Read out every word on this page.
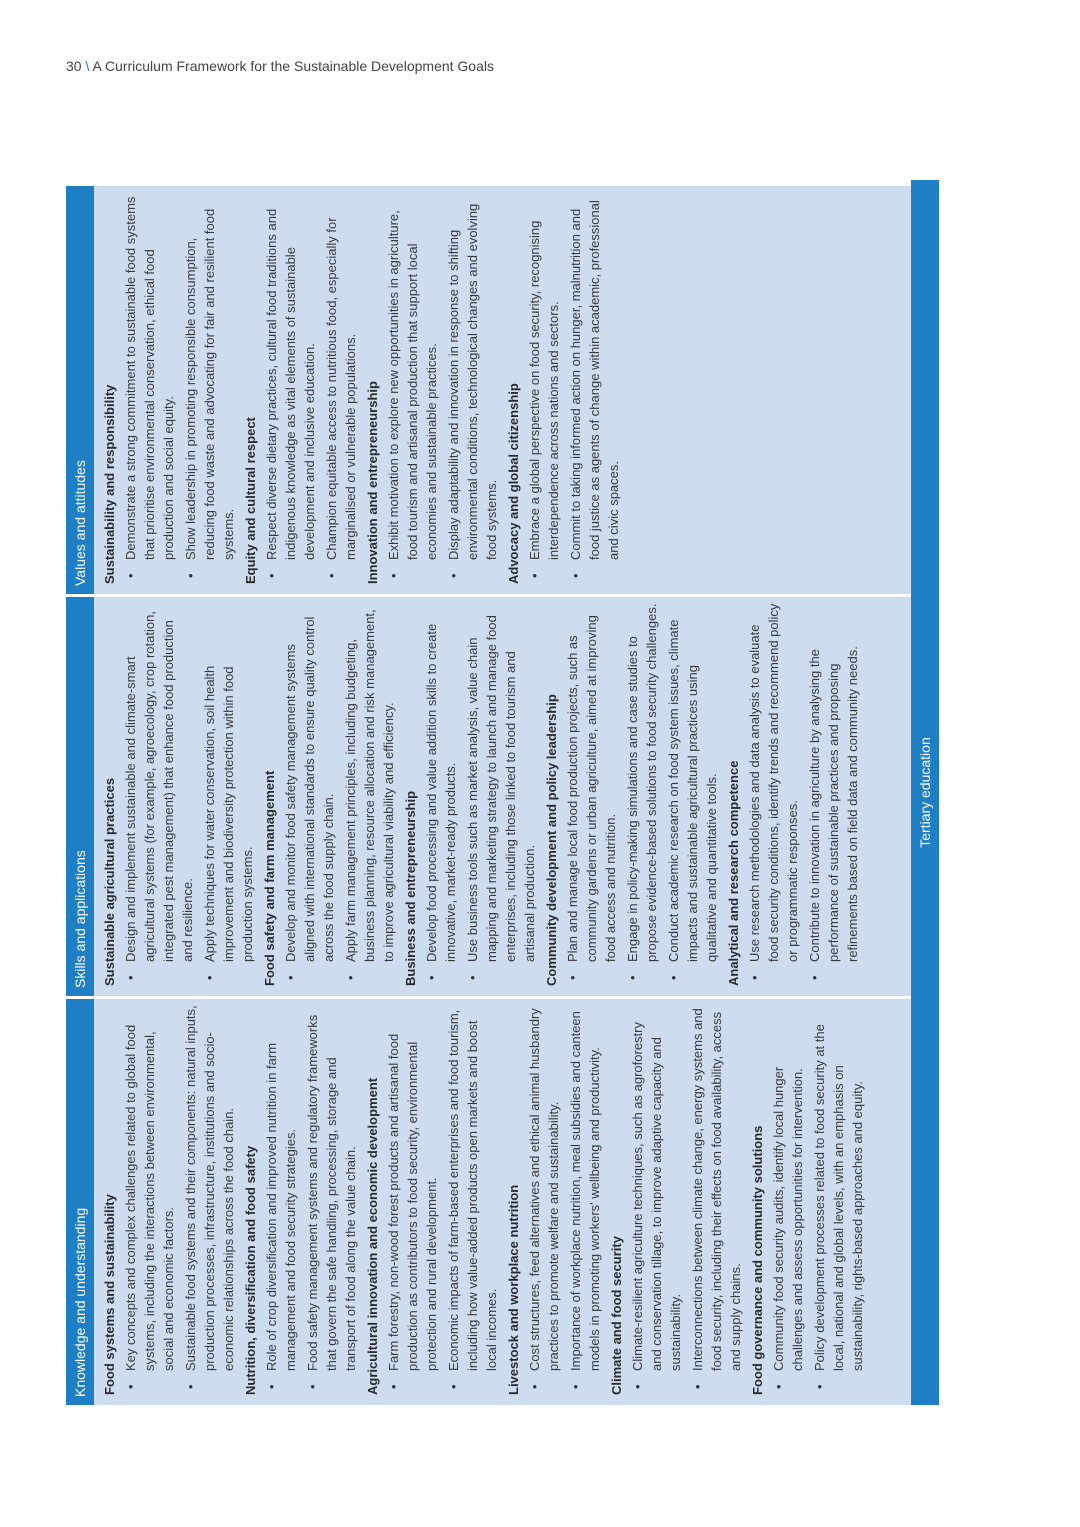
30 \ A Curriculum Framework for the Sustainable Development Goals
Knowledge and understanding	Food systems and sustainability • Key concepts and complex challenges related to global food systems, including the interactions between environmental, social and economic factors. • Sustainable food systems and their components: natural inputs, production processes, infrastructure, institutions and socio-economic relationships across the food chain. Nutrition, diversification and food safety • Role of crop diversification and improved nutrition in farm management and food security strategies. • Food safety management systems and regulatory frameworks that govern the safe handling, processing, storage and transport of food along the value chain. Agricultural innovation and economic development • Farm forestry, non-wood forest products and artisanal food production as contributors to food security, environmental protection and rural development. • Economic impacts of farm-based enterprises and food tourism, including how value-added products open markets and boost local incomes. Livestock and workplace nutrition • Cost structures, feed alternatives and ethical animal husbandry practices to promote welfare and sustainability. • Importance of workplace nutrition, meal subsidies and canteen models in promoting workers' wellbeing and productivity. Climate and food security • Climate-resilient agriculture techniques, such as agroforestry and conservation tillage, to improve adaptive capacity and sustainability. • Interconnections between climate change, energy systems and food security, including their effects on food availability, access and supply chains. Food governance and community solutions • Community food security audits, identify local hunger challenges and assess opportunities for intervention. • Policy development processes related to food security at the local, national and global levels, with an emphasis on sustainability, rights-based approaches and equity.
Skills and applications	Sustainable agricultural practices • Design and implement sustainable and climate-smart agricultural systems (for example, agroecology, crop rotation, integrated pest management) that enhance food production and resilience. • Apply techniques for water conservation, soil health improvement and biodiversity protection within food production systems. Food safety and farm management • Develop and monitor food safety management systems aligned with international standards to ensure quality control across the food supply chain. • Apply farm management principles, including budgeting, business planning, resource allocation and risk management, to improve agricultural viability and efficiency. Business and entrepreneurship • Develop food processing and value addition skills to create innovative, market-ready products. • Use business tools such as market analysis, value chain mapping and marketing strategy to launch and manage food enterprises, including those linked to food tourism and artisanal production. Community development and policy leadership • Plan and manage local food production projects, such as community gardens or urban agriculture, aimed at improving food access and nutrition. • Engage in policy-making simulations and case studies to propose evidence-based solutions to food security challenges. • Conduct academic research on food system issues, climate impacts and sustainable agricultural practices using qualitative and quantitative tools. Analytical and research competence • Use research methodologies and data analysis to evaluate food security conditions, identify trends and recommend policy or programmatic responses. • Contribute to innovation in agriculture by analysing the performance of sustainable practices and proposing refinements based on field data and community needs.
Values and attitudes	Sustainability and responsibility • Demonstrate a strong commitment to sustainable food systems that prioritise environmental conservation, ethical food production and social equity. • Show leadership in promoting responsible consumption, reducing food waste and advocating for fair and resilient food systems. Equity and cultural respect • Respect diverse dietary practices, cultural food traditions and indigenous knowledge as vital elements of sustainable development and inclusive education. • Champion equitable access to nutritious food, especially for marginalised or vulnerable populations. Innovation and entrepreneurship • Exhibit motivation to explore new opportunities in agriculture, food tourism and artisanal production that support local economies and sustainable practices. • Display adaptability and innovation in response to shifting environmental conditions, technological changes and evolving food systems. Advocacy and global citizenship • Embrace a global perspective on food security, recognising interdependence across nations and sectors. • Commit to taking informed action on hunger, malnutrition and food justice as agents of change within academic, professional and civic spaces.
Tertiary education
